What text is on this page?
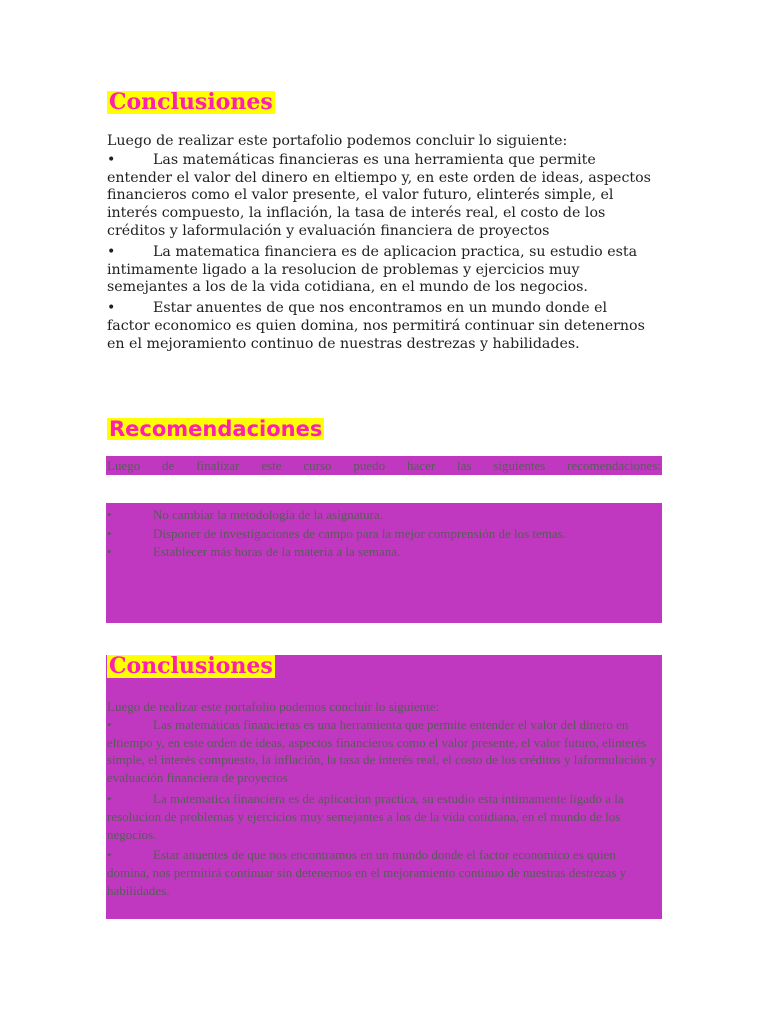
Conclusiones
Luego de realizar este portafolio podemos concluir lo siguiente:
•	Las matemáticas financieras es una herramienta que permite entender el valor del dinero en eltiempo y, en este orden de ideas, aspectos financieros como el valor presente, el valor futuro, elinterés simple, el interés compuesto, la inflación, la tasa de interés real, el costo de los créditos y laformulación y evaluación financiera de proyectos
•	La matematica financiera es de aplicacion practica, su estudio esta intimamente ligado a la resolucion de problemas y ejercicios muy semejantes a los de la vida cotidiana, en el mundo de los negocios.
•	Estar anuentes de que nos encontramos en un mundo donde el factor economico es quien domina, nos permitirá continuar sin detenernos en el mejoramiento continuo de nuestras destrezas y habilidades.
Recomendaciones
Luego de finalizar este curso puedo hacer las siguientes recomendaciones:
•	No cambiar la metodología de la asignatura.
•	Disponer de investigaciones de campo para la mejor comprensión de los temas.
•	Establecer más horas de la materia a la semana.
Conclusiones
Luego de realizar este portafolio podemos concluir lo siguiente:
•	Las matemáticas financieras es una herramienta que permite entender el valor del dinero en eltiempo y, en este orden de ideas, aspectos financieros como el valor presente, el valor futuro, elinterés simple, el interés compuesto, la inflación, la tasa de interés real, el costo de los créditos y laformulación y evaluación financiera de proyectos
•	La matematica financiera es de aplicacion practica, su estudio esta intimamente ligado a la resolucion de problemas y ejercicios muy semejantes a los de la vida cotidiana, en el mundo de los negocios.
•	Estar anuentes de que nos encontramos en un mundo donde el factor economico es quien domina, nos permitirá continuar sin detenernos en el mejoramiento continuo de nuestras destrezas y habilidades.
